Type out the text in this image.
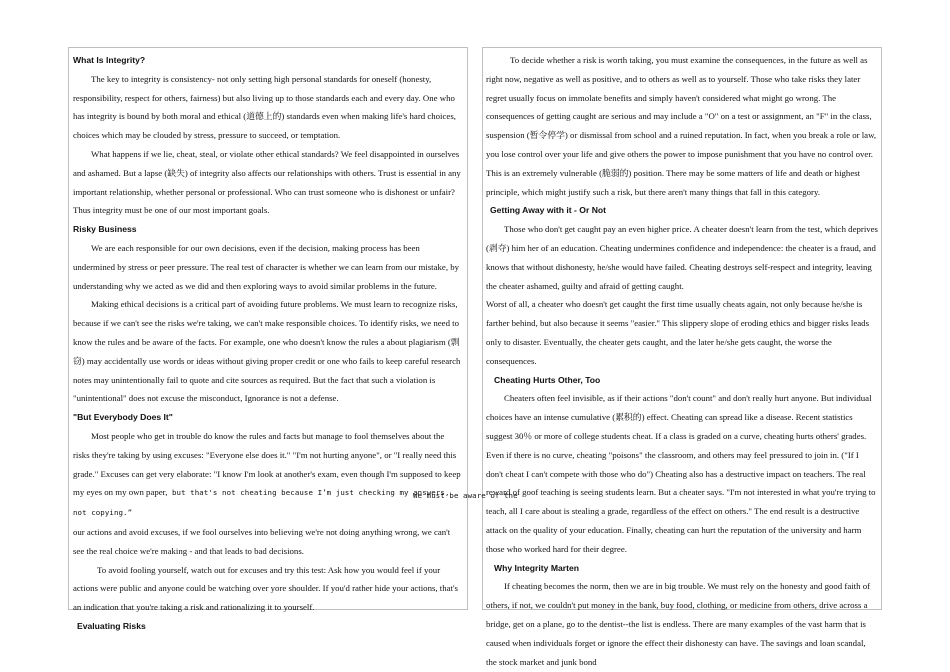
What Is Integrity?

The key to integrity is consistency- not only setting high personal standards for oneself (honesty, responsibility, respect for others, fairness) but also living up to those standards each and every day. One who has integrity is bound by both moral and ethical (道德上的) standards even when making life's hard choices, choices which may be clouded by stress, pressure to succeed, or temptation.

What happens if we lie, cheat, steal, or violate other ethical standards? We feel disappointed in ourselves and ashamed. But a lapse (缺失) of integrity also affects our relationships with others. Trust is essential in any important relationship, whether personal or professional. Who can trust someone who is dishonest or unfair? Thus integrity must be one of our most important goals.

Risky Business

We are each responsible for our own decisions, even if the decision, making process has been undermined by stress or peer pressure. The real test of character is whether we can learn from our mistake, by understanding why we acted as we did and then exploring ways to avoid similar problems in the future.

Making ethical decisions is a critical part of avoiding future problems. We must learn to recognize risks, because if we can't see the risks we're taking, we can't make responsible choices. To identify risks, we need to know the rules and be aware of the facts. For example, one who doesn't know the rules a about plagiarism (剽窃) may accidentally use words or ideas without giving proper credit or one who fails to keep careful research notes may unintentionally fail to quote and cite sources as required. But the fact that such a violation is "unintentional" does not excuse the misconduct, Ignorance is not a defense.

"But Everybody Does It"

Most people who get in trouble do know the rules and facts but manage to fool themselves about the risks they're taking by using excuses: "Everyone else does it." "I'm not hurting anyone", or "I really need this grade." Excuses can get very elaborate: "I know I'm look at another's exam, even though I'm supposed to keep my eyes on my own paper, but that's not cheating because I’m just checking my answers, not copying.”

our actions and avoid excuses, if we fool ourselves into believing we're not doing anything wrong, we can't see the real choice we're making - and that leads to bad decisions.

To avoid fooling yourself, watch out for excuses and try this test: Ask how you would feel if your actions were public and anyone could be watching over yore shoulder. If you'd rather hide your actions, that's an indication that you're taking a risk and rationalizing it to yourself.

Evaluating Risks

To decide whether a risk is worth taking, you must examine the consequences, in the future as well as right now, negative as well as positive, and to others as well as to yourself. Those who take risks they later regret usually focus on immolate benefits and simply haven't considered what might go wrong. The consequences of getting caught are serious and may include a "O" on a test or assignment, an "F" in the class, suspension (暂令停学) or dismissal from school and a ruined reputation. In fact, when you break a role or law, you lose control over your life and give others the power to impose punishment that you have no control over. This is an extremely vulnerable (脆弱的) position. There may be some matters of life and death or highest principle, which might justify such a risk, but there aren't many things that fall in this category.

Getting Away with it - Or Not

Those who don't get caught pay an even higher price. A cheater doesn't learn from the test, which deprives (剥夺) him her of an education. Cheating undermines confidence and independence: the cheater is a fraud, and knows that without dishonesty, he/she would have failed. Cheating destroys self-respect and integrity, leaving the cheater ashamed, guilty and afraid of getting caught.

Worst of all, a cheater who doesn't get caught the first time usually cheats again, not only because he/she is farther behind, but also because it seems "easier." This slippery slope of eroding ethics and bigger risks leads only to disaster. Eventually, the cheater gets caught, and the later he/she gets caught, the worse the consequences.

Cheating Hurts Other, Too

Cheaters often feel invisible, as if their actions "don't count" and don't really hurt anyone. But individual choices have an intense cumulative (累积的) effect. Cheating can spread like a disease. Recent statistics suggest 30％ or more of college students cheat. If a class is graded on a curve, cheating hurts others' grades. Even if there is no curve, cheating "poisons" the classroom, and others may feel pressured to join in. ("If I don't cheat I can't compete with those who do") Cheating also has a destructive impact on teachers. The real reward of goof teaching is seeing students learn. But a cheater says. "I'm not interested in what you're trying to teach, all I care about is stealing a grade, regardless of the effect on others." The end result is a destructive attack on the quality of your education. Finally, cheating can hurt the reputation of the university and harm those who worked hard for their degree.

Why Integrity Marten

If cheating becomes the norm, then we are in big trouble. We must rely on the honesty and good faith of others, if not, we couldn't put money in the bank, buy food, clothing, or medicine from others, drive across a bridge, get on a plane, go to the dentist--the list is endless. There are many examples of the vast harm that is caused when individuals forget or ignore the effect their dishonesty can have. The savings and loan scandal, the stock market and junk bond

We must be aware of the
